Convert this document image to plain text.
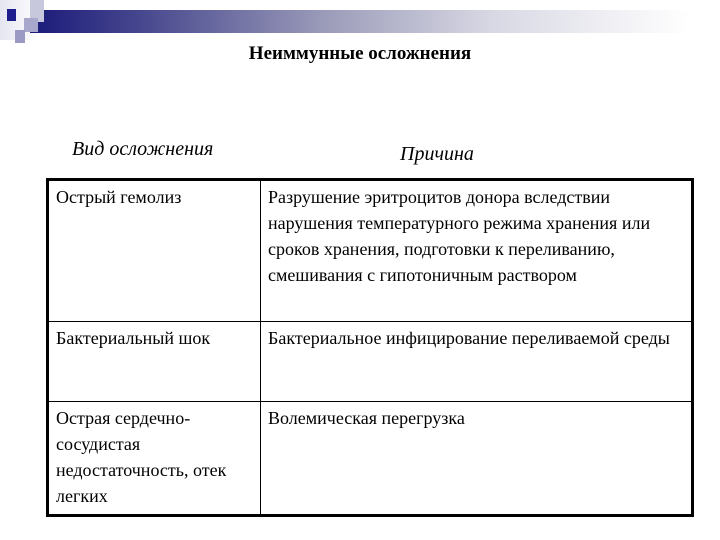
Неиммунные осложнения
Вид осложнения	Причина
Острый гемолиз	Разрушение эритроцитов донора вследствии нарушения температурного режима хранения или сроков хранения, подготовки к переливанию, смешивания с гипотоничным раствором
Бактериальный шок	Бактериальное инфицирование переливаемой среды
Острая сердечно-сосудистая недостаточность, отек легких	Волемическая перегрузка
